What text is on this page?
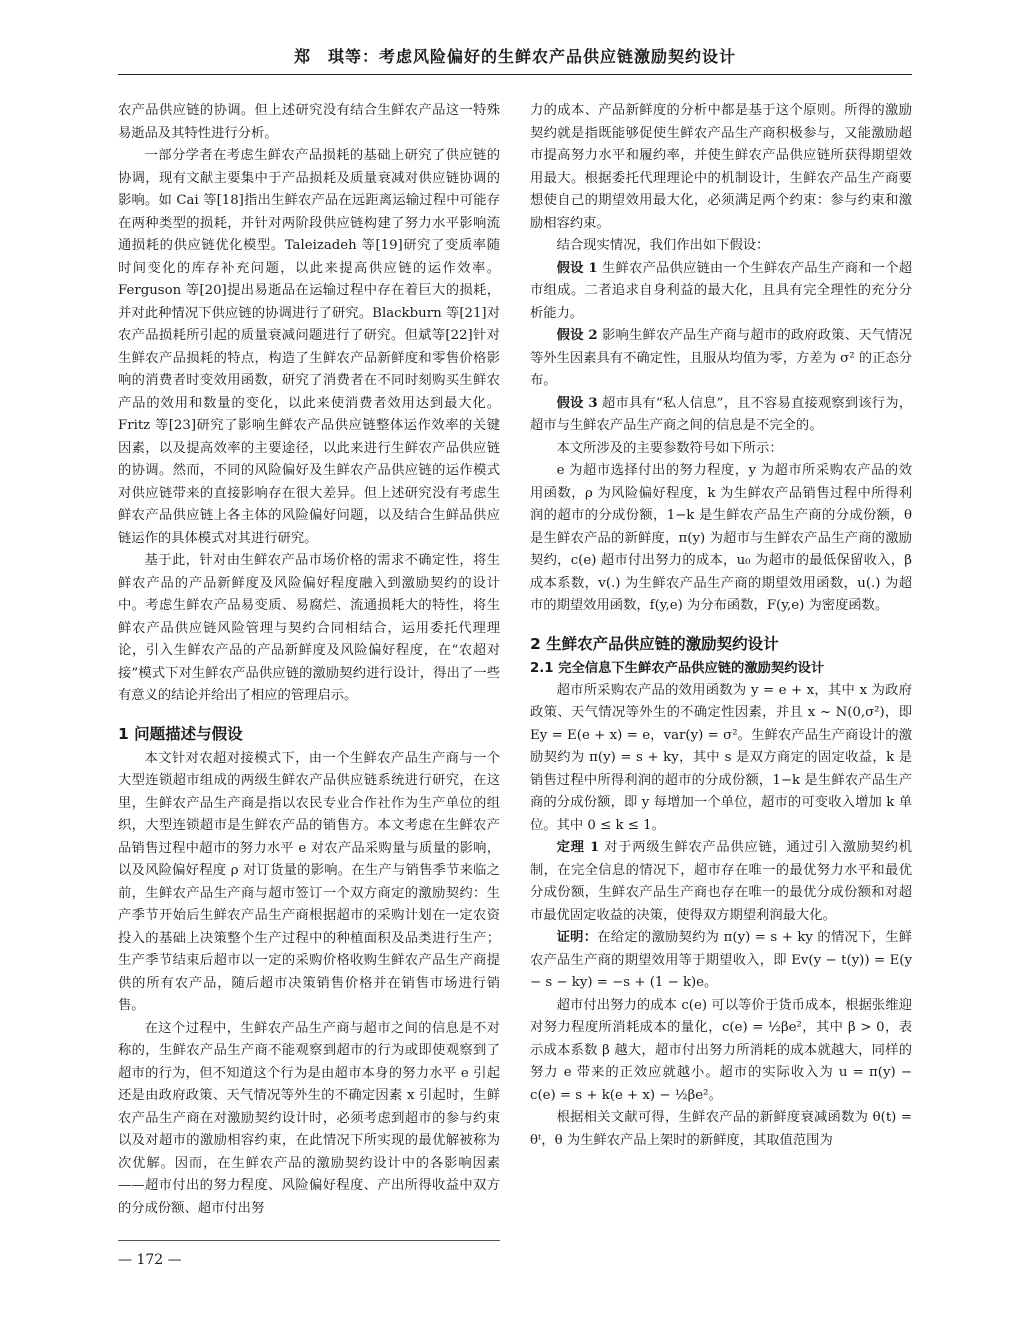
郑　琪等：考虑风险偏好的生鲜农产品供应链激励契约设计

农产品供应链的协调。但上述研究没有结合生鲜农产品这一特殊易逝品及其特性进行分析。

一部分学者在考虑生鲜农产品损耗的基础上研究了供应链的协调，现有文献主要集中于产品损耗及质量衰减对供应链协调的影响。如 Cai 等[18]指出生鲜农产品在远距离运输过程中可能存在两种类型的损耗，并针对两阶段供应链构建了努力水平影响流通损耗的供应链优化模型。Taleizadeh 等[19]研究了变质率随时间变化的库存补充问题，以此来提高供应链的运作效率。Ferguson 等[20]提出易逝品在运输过程中存在着巨大的损耗，并对此种情况下供应链的协调进行了研究。Blackburn 等[21]对农产品损耗所引起的质量衰减问题进行了研究。但斌等[22]针对生鲜农产品损耗的特点，构造了生鲜农产品新鲜度和零售价格影响的消费者时变效用函数，研究了消费者在不同时刻购买生鲜农产品的效用和数量的变化，以此来使消费者效用达到最大化。Fritz 等[23]研究了影响生鲜农产品供应链整体运作效率的关键因素，以及提高效率的主要途径，以此来进行生鲜农产品供应链的协调。然而，不同的风险偏好及生鲜农产品供应链的运作模式对供应链带来的直接影响存在很大差异。但上述研究没有考虑生鲜农产品供应链上各主体的风险偏好问题，以及结合生鲜品供应链运作的具体模式对其进行研究。

基于此，针对由生鲜农产品市场价格的需求不确定性，将生鲜农产品的产品新鲜度及风险偏好程度融入到激励契约的设计中。考虑生鲜农产品易变质、易腐烂、流通损耗大的特性，将生鲜农产品供应链风险管理与契约合同相结合，运用委托代理理论，引入生鲜农产品的产品新鲜度及风险偏好程度，在“农超对接”模式下对生鲜农产品供应链的激励契约进行设计，得出了一些有意义的结论并给出了相应的管理启示。

1 问题描述与假设

本文针对农超对接模式下，由一个生鲜农产品生产商与一个大型连锁超市组成的两级生鲜农产品供应链系统进行研究，在这里，生鲜农产品生产商是指以农民专业合作社作为生产单位的组织，大型连锁超市是生鲜农产品的销售方。本文考虑在生鲜农产品销售过程中超市的努力水平 e 对农产品采购量与质量的影响，以及风险偏好程度 ρ 对订货量的影响。在生产与销售季节来临之前，生鲜农产品生产商与超市签订一个双方商定的激励契约：生产季节开始后生鲜农产品生产商根据超市的采购计划在一定农资投入的基础上决策整个生产过程中的种植面积及品类进行生产；生产季节结束后超市以一定的采购价格收购生鲜农产品生产商提供的所有农产品，随后超市决策销售价格并在销售市场进行销售。

在这个过程中，生鲜农产品生产商与超市之间的信息是不对称的，生鲜农产品生产商不能观察到超市的行为或即使观察到了超市的行为，但不知道这个行为是由超市本身的努力水平 e 引起还是由政府政策、天气情况等外生的不确定因素 x 引起时，生鲜农产品生产商在对激励契约设计时，必须考虑到超市的参与约束以及对超市的激励相容约束，在此情况下所实现的最优解被称为次优解。因而，在生鲜农产品的激励契约设计中的各影响因素——超市付出的努力程度、风险偏好程度、产出所得收益中双方的分成份额、超市付出努

力的成本、产品新鲜度的分析中都是基于这个原则。所得的激励契约就是指既能够促使生鲜农产品生产商积极参与，又能激励超市提高努力水平和履约率，并使生鲜农产品供应链所获得期望效用最大。根据委托代理理论中的机制设计，生鲜农产品生产商要想使自己的期望效用最大化，必须满足两个约束：参与约束和激励相容约束。

结合现实情况，我们作出如下假设：

假设 1 生鲜农产品供应链由一个生鲜农产品生产商和一个超市组成。二者追求自身利益的最大化，且具有完全理性的充分分析能力。

假设 2 影响生鲜农产品生产商与超市的政府政策、天气情况等外生因素具有不确定性，且服从均值为零，方差为 σ² 的正态分布。

假设 3 超市具有“私人信息”，且不容易直接观察到该行为，超市与生鲜农产品生产商之间的信息是不完全的。

本文所涉及的主要参数符号如下所示：

e 为超市选择付出的努力程度，y 为超市所采购农产品的效用函数，ρ 为风险偏好程度，k 为生鲜农产品销售过程中所得利润的超市的分成份额，1−k 是生鲜农产品生产商的分成份额，θ 是生鲜农产品的新鲜度，π(y) 为超市与生鲜农产品生产商的激励契约，c(e) 超市付出努力的成本，u₀ 为超市的最低保留收入，β 成本系数，v(.) 为生鲜农产品生产商的期望效用函数，u(.) 为超市的期望效用函数，f(y,e) 为分布函数，F(y,e) 为密度函数。

2 生鲜农产品供应链的激励契约设计
2.1 完全信息下生鲜农产品供应链的激励契约设计

超市所采购农产品的效用函数为 y = e + x，其中 x 为政府政策、天气情况等外生的不确定性因素，并且 x ~ N(0,σ²)，即 Ey = E(e + x) = e，var(y) = σ²。生鲜农产品生产商设计的激励契约为 π(y) = s + ky，其中 s 是双方商定的固定收益，k 是销售过程中所得利润的超市的分成份额，1−k 是生鲜农产品生产商的分成份额，即 y 每增加一个单位，超市的可变收入增加 k 单位。其中 0 ≤ k ≤ 1。

定理 1 对于两级生鲜农产品供应链，通过引入激励契约机制，在完全信息的情况下，超市存在唯一的最优努力水平和最优分成份额，生鲜农产品生产商也存在唯一的最优分成份额和对超市最优固定收益的决策，使得双方期望利润最大化。

证明：在给定的激励契约为 π(y) = s + ky 的情况下，生鲜农产品生产商的期望效用等于期望收入，即 Ev(y − t(y)) = E(y − s − ky) = −s + (1 − k)e。

超市付出努力的成本 c(e) 可以等价于货币成本，根据张维迎对努力程度所消耗成本的量化，c(e) = ½βe²，其中 β > 0，表示成本系数 β 越大，超市付出努力所消耗的成本就越大，同样的努力 e 带来的正效应就越小。超市的实际收入为 u = π(y) − c(e) = s + k(e + x) − ½βe²。

根据相关文献可得，生鲜农产品的新鲜度衰减函数为 θ(t) = θᵗ，θ 为生鲜农产品上架时的新鲜度，其取值范围为

— 172 —
